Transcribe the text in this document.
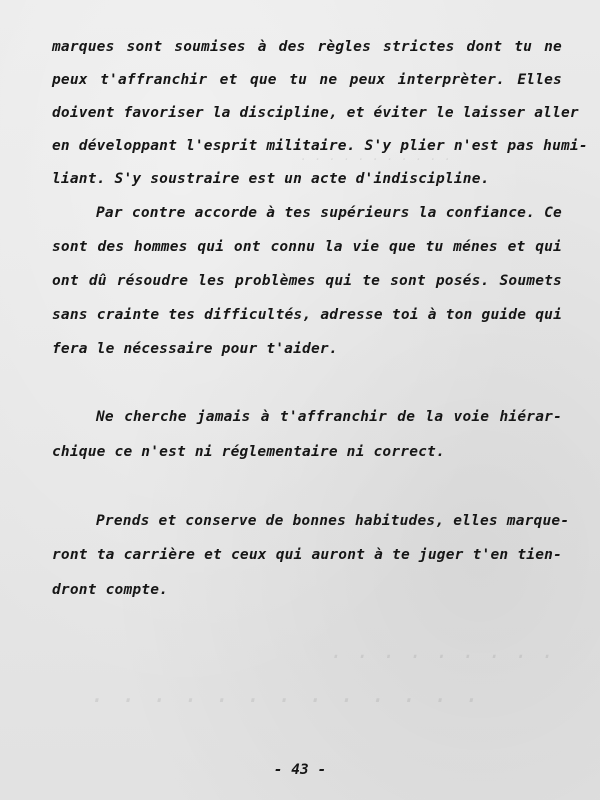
. . . . . . . . . . .
. . . . . . . . .
. . . . . . . . . . . . .
marques sont soumises à des règles strictes dont tu ne
peux t'affranchir et que tu ne peux interprèter. Elles
doivent favoriser la discipline, et éviter le laisser aller
en développant l'esprit militaire. S'y plier n'est pas humi-
liant. S'y soustraire est un acte d'indiscipline.
Par contre accorde à tes supérieurs la confiance. Ce
sont des hommes qui ont connu la vie que tu ménes et qui
ont dû résoudre les problèmes qui te sont posés. Soumets
sans crainte tes difficultés, adresse toi à ton guide qui
fera le nécessaire pour t'aider.
Ne cherche jamais à t'affranchir de la voie hiérar-
chique ce n'est ni réglementaire ni correct.
Prends et conserve de bonnes habitudes, elles marque-
ront ta carrière et ceux qui auront à te juger t'en tien-
dront compte.
- 43 -
